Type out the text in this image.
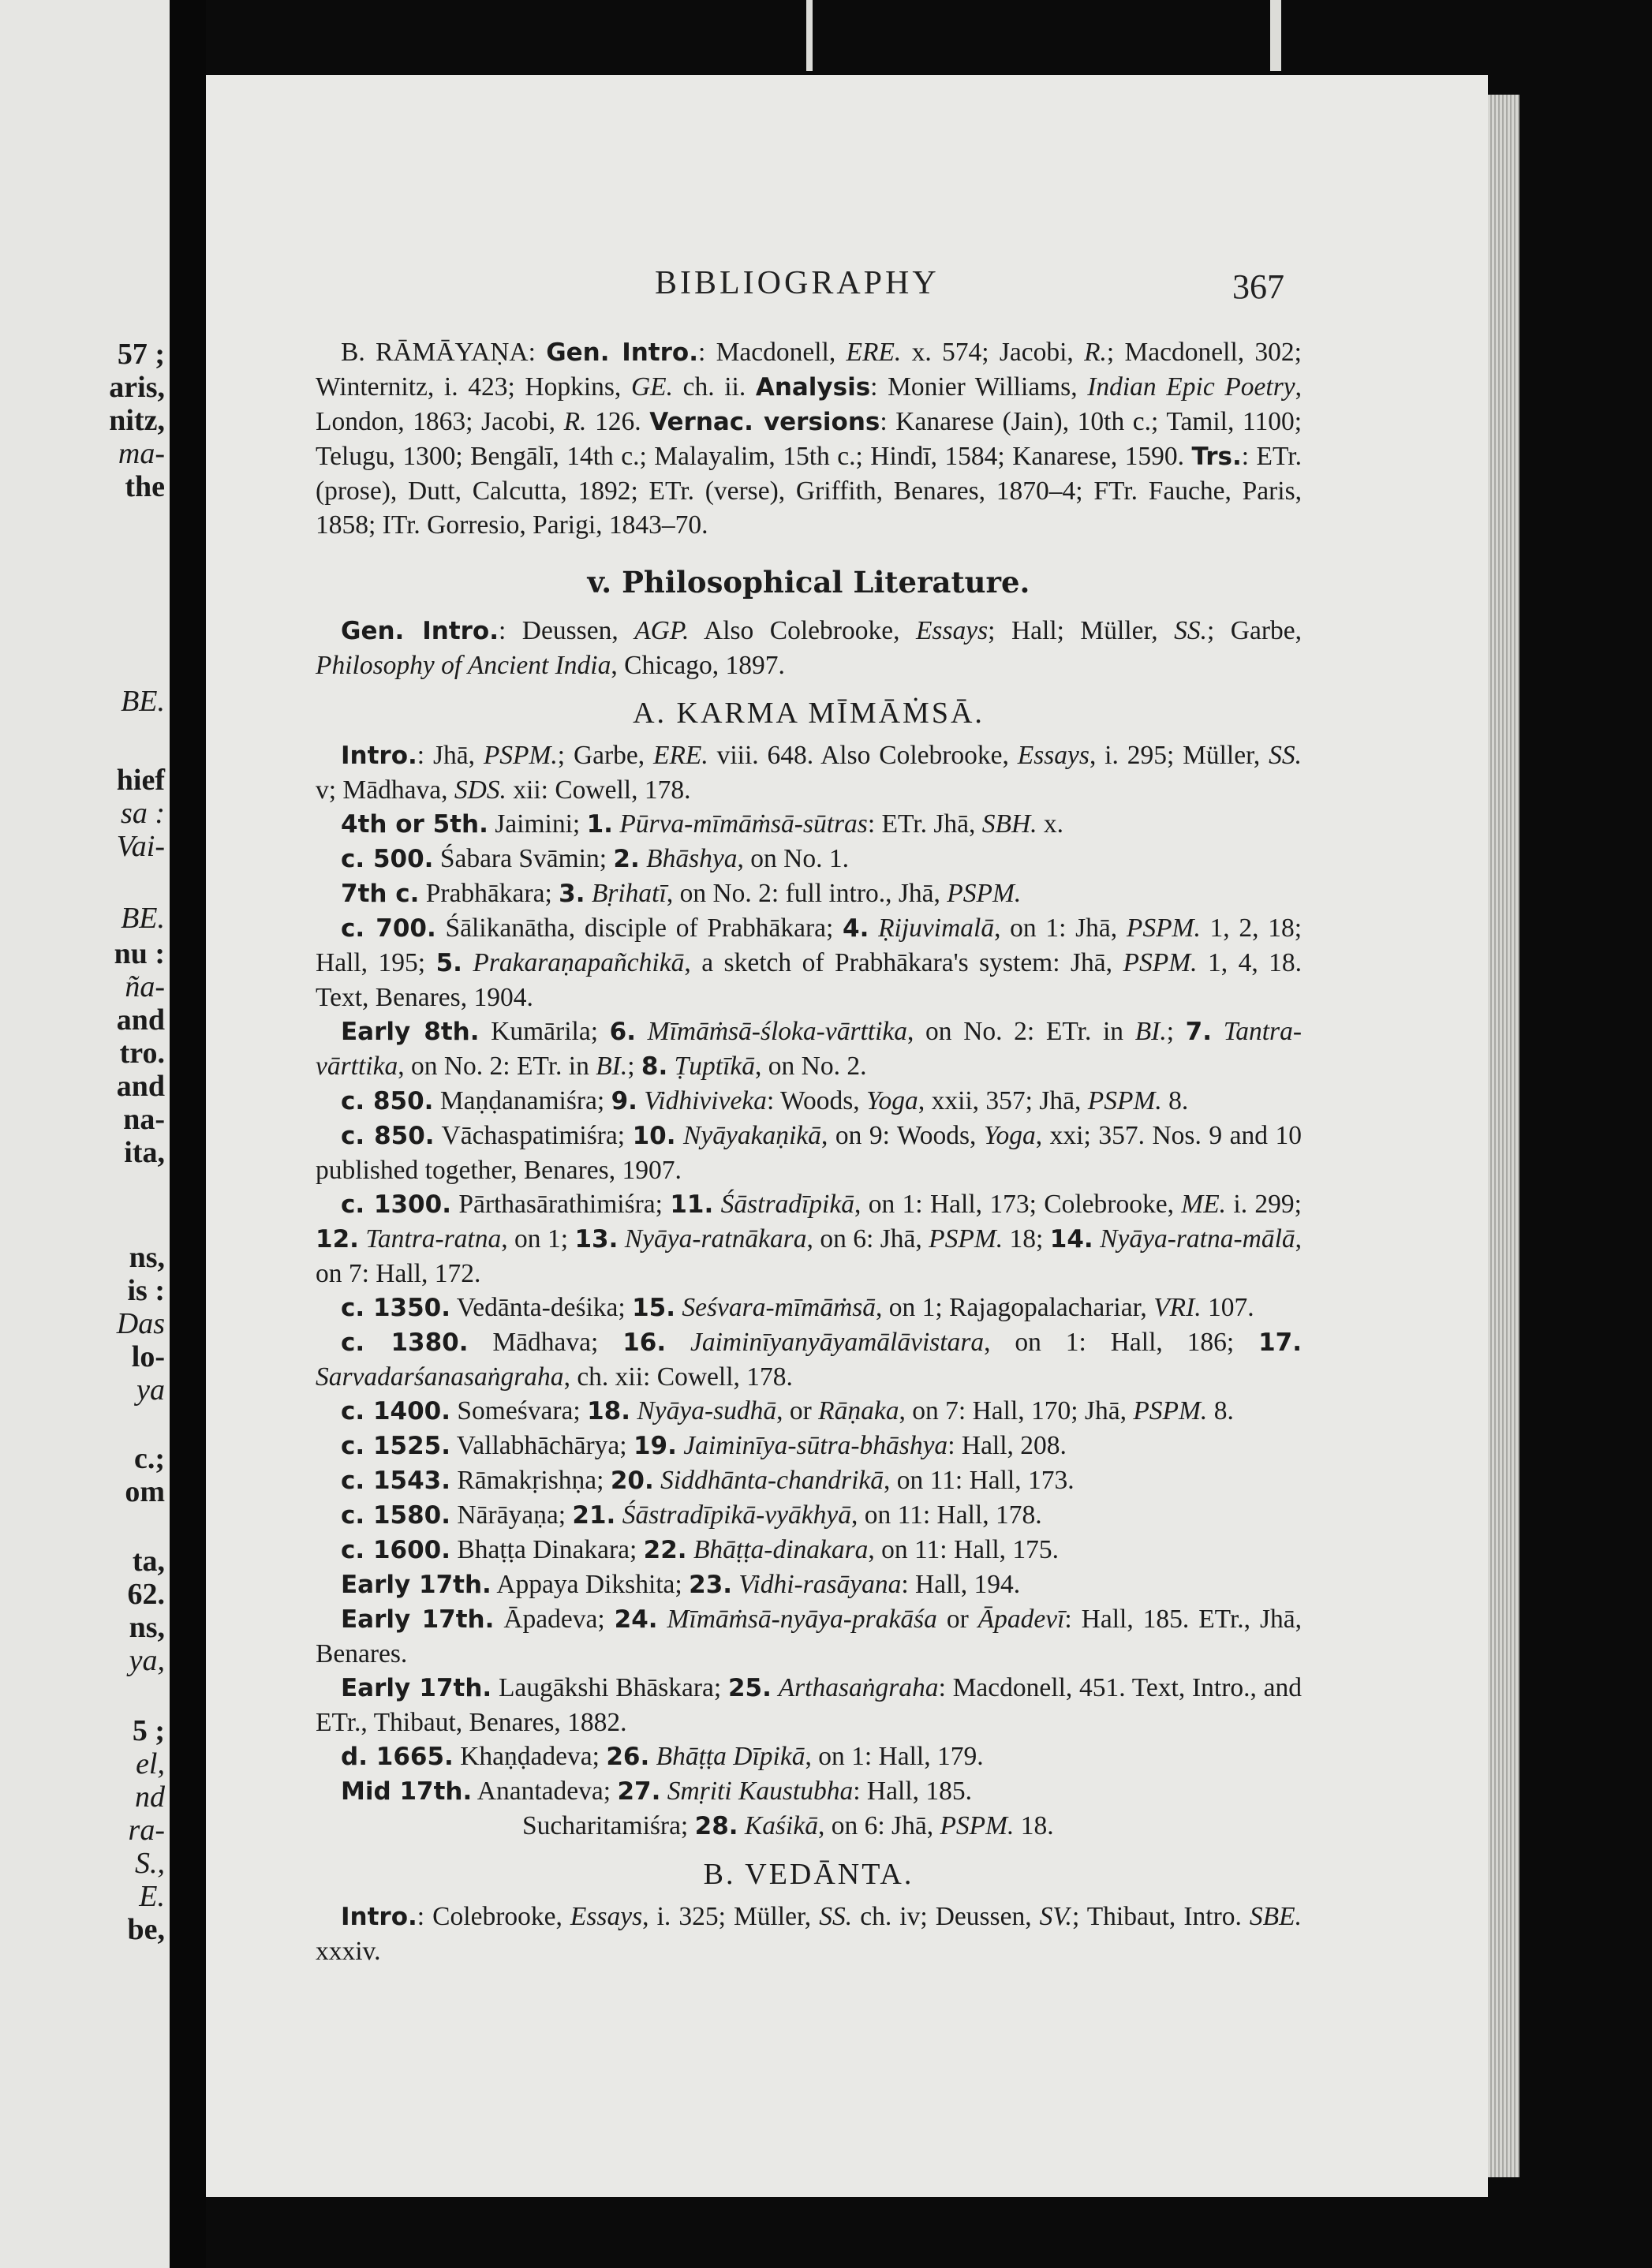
57 ;
aris,
nitz,
ma-
the
BE.
hief
sa :
Vai-
BE.
nu :
ña-
and
tro.
and
na-
ita,
ns,
is :
Das
lo-
ya
c.;
om
ta,
62.
ns,
ya,
5 ;
el,
nd
ra-
S.,
E.
be,
BIBLIOGRAPHY	367

B. RĀMĀYAṆA: Gen. Intro.: Macdonell, ERE. x. 574; Jacobi, R.; Macdonell, 302; Winternitz, i. 423; Hopkins, GE. ch. ii. Analysis: Monier Williams, Indian Epic Poetry, London, 1863; Jacobi, R. 126. Vernac. versions: Kanarese (Jain), 10th c.; Tamil, 1100; Telugu, 1300; Bengālī, 14th c.; Malayalim, 15th c.; Hindī, 1584; Kanarese, 1590. Trs.: ETr. (prose), Dutt, Calcutta, 1892; ETr. (verse), Griffith, Benares, 1870–4; FTr. Fauche, Paris, 1858; ITr. Gorresio, Parigi, 1843–70.

v. Philosophical Literature.

Gen. Intro.: Deussen, AGP. Also Colebrooke, Essays; Hall; Müller, SS.; Garbe, Philosophy of Ancient India, Chicago, 1897.

A. KARMA MĪMĀṀSĀ.

Intro.: Jhā, PSPM.; Garbe, ERE. viii. 648. Also Colebrooke, Essays, i. 295; Müller, SS. v; Mādhava, SDS. xii: Cowell, 178.

4th or 5th. Jaimini; 1. Pūrva-mīmāṁsā-sūtras: ETr. Jhā, SBH. x.

c. 500. Śabara Svāmin; 2. Bhāshya, on No. 1.

7th c. Prabhākara; 3. Bṛihatī, on No. 2: full intro., Jhā, PSPM.

c. 700. Śālikanātha, disciple of Prabhākara; 4. Ṛijuvimalā, on 1: Jhā, PSPM. 1, 2, 18; Hall, 195; 5. Prakaraṇapañchikā, a sketch of Prabhākara's system: Jhā, PSPM. 1, 4, 18. Text, Benares, 1904.

Early 8th. Kumārila; 6. Mīmāṁsā-śloka-vārttika, on No. 2: ETr. in BI.; 7. Tantra-vārttika, on No. 2: ETr. in BI.; 8. Ṭuptīkā, on No. 2.

c. 850. Maṇḍanamiśra; 9. Vidhiviveka: Woods, Yoga, xxii, 357; Jhā, PSPM. 8.

c. 850. Vāchaspatimiśra; 10. Nyāyakaṇikā, on 9: Woods, Yoga, xxi; 357. Nos. 9 and 10 published together, Benares, 1907.

c. 1300. Pārthasārathimiśra; 11. Śāstradīpikā, on 1: Hall, 173; Colebrooke, ME. i. 299; 12. Tantra-ratna, on 1; 13. Nyāya-ratnākara, on 6: Jhā, PSPM. 18; 14. Nyāya-ratna-mālā, on 7: Hall, 172.

c. 1350. Vedānta-deśika; 15. Seśvara-mīmāṁsā, on 1; Rajagopalachariar, VRI. 107.

c. 1380. Mādhava; 16. Jaiminīyanyāyamālāvistara, on 1: Hall, 186; 17. Sarvadarśanasaṅgraha, ch. xii: Cowell, 178.

c. 1400. Someśvara; 18. Nyāya-sudhā, or Rāṇaka, on 7: Hall, 170; Jhā, PSPM. 8.

c. 1525. Vallabhāchārya; 19. Jaiminīya-sūtra-bhāshya: Hall, 208.

c. 1543. Rāmakṛishṇa; 20. Siddhānta-chandrikā, on 11: Hall, 173.

c. 1580. Nārāyaṇa; 21. Śāstradīpikā-vyākhyā, on 11: Hall, 178.

c. 1600. Bhaṭṭa Dinakara; 22. Bhāṭṭa-dinakara, on 11: Hall, 175.

Early 17th. Appaya Dikshita; 23. Vidhi-rasāyana: Hall, 194.

Early 17th. Āpadeva; 24. Mīmāṁsā-nyāya-prakāśa or Āpadevī: Hall, 185. ETr., Jhā, Benares.

Early 17th. Laugākshi Bhāskara; 25. Arthasaṅgraha: Macdonell, 451. Text, Intro., and ETr., Thibaut, Benares, 1882.

d. 1665. Khaṇḍadeva; 26. Bhāṭṭa Dīpikā, on 1: Hall, 179.

Mid 17th. Anantadeva; 27. Smṛiti Kaustubha: Hall, 185.

Sucharitamiśra; 28. Kaśikā, on 6: Jhā, PSPM. 18.

B. VEDĀNTA.

Intro.: Colebrooke, Essays, i. 325; Müller, SS. ch. iv; Deussen, SV.; Thibaut, Intro. SBE. xxxiv.
